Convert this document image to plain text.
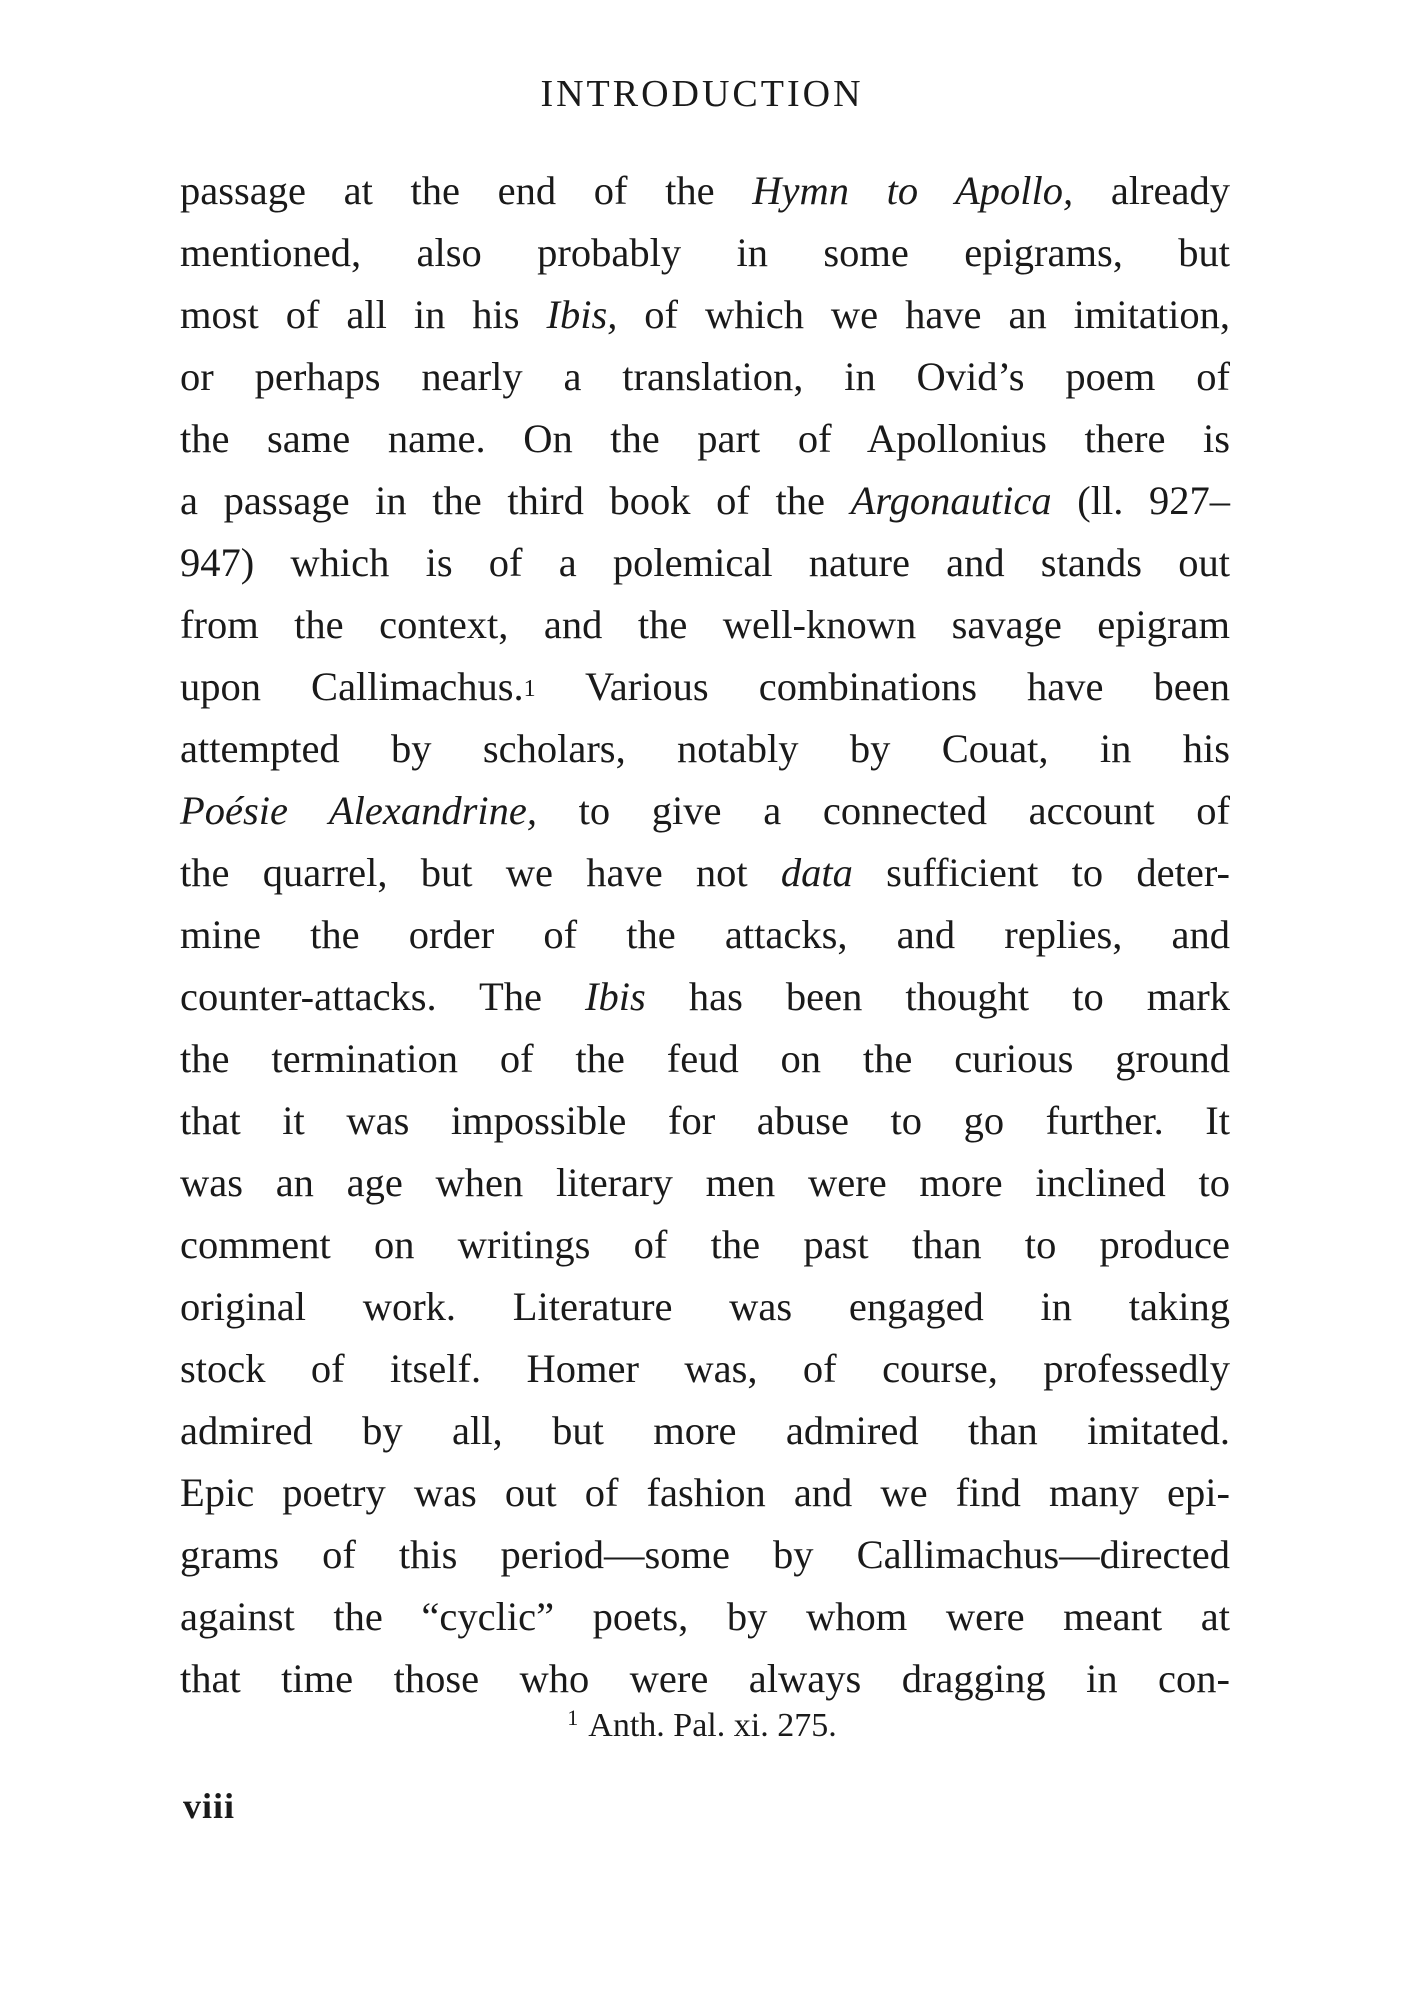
INTRODUCTION
passage at the end of the Hymn to Apollo, already
mentioned, also probably in some epigrams, but
most of all in his Ibis, of which we have an imitation,
or perhaps nearly a translation, in Ovid’s poem of
the same name. On the part of Apollonius there is
a passage in the third book of the Argonautica (ll. 927–
947) which is of a polemical nature and stands out
from the context, and the well-known savage epigram
upon Callimachus.$^1$ Various combinations have been
attempted by scholars, notably by Couat, in his
Poésie Alexandrine, to give a connected account of
the quarrel, but we have not data sufficient to deter-
mine the order of the attacks, and replies, and
counter-attacks. The Ibis has been thought to mark
the termination of the feud on the curious ground
that it was impossible for abuse to go further. It
was an age when literary men were more inclined to
comment on writings of the past than to produce
original work. Literature was engaged in taking
stock of itself. Homer was, of course, professedly
admired by all, but more admired than imitated.
Epic poetry was out of fashion and we find many epi-
grams of this period—some by Callimachus—directed
against the “cyclic” poets, by whom were meant at
that time those who were always dragging in con-
$^1$ Anth. Pal. xi. 275.
viii
